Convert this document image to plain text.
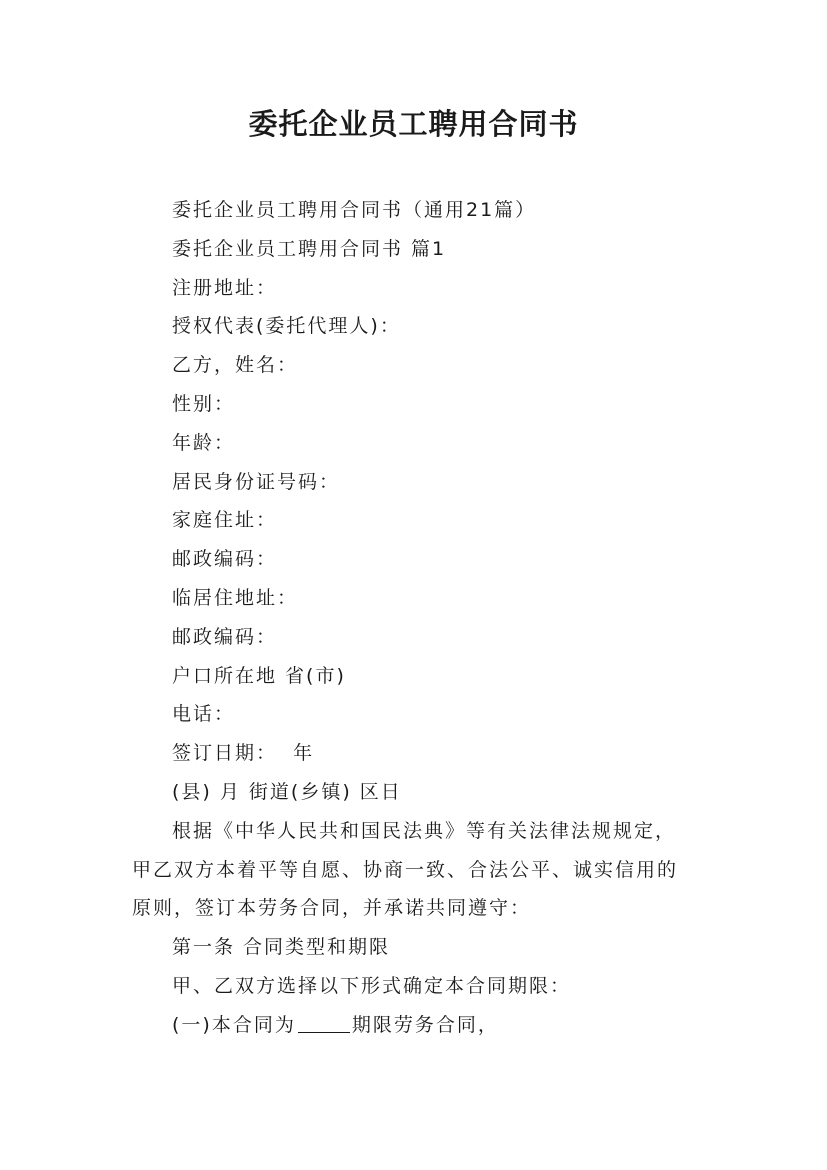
委托企业员工聘用合同书

委托企业员工聘用合同书（通用21篇）

委托企业员工聘用合同书 篇1

注册地址：

授权代表(委托代理人)：

乙方，姓名：

性别：

年龄：

居民身份证号码：

家庭住址：

邮政编码：

临居住地址：

邮政编码：

户口所在地 省(市)

电话：

签订日期：  年

(县) 月 街道(乡镇) 区日

根据《中华人民共和国民法典》等有关法律法规规定，

甲乙双方本着平等自愿、协商一致、合法公平、诚实信用的

原则，签订本劳务合同，并承诺共同遵守：

第一条 合同类型和期限

甲、乙双方选择以下形式确定本合同期限：

(一)本合同为	期限劳务合同，
